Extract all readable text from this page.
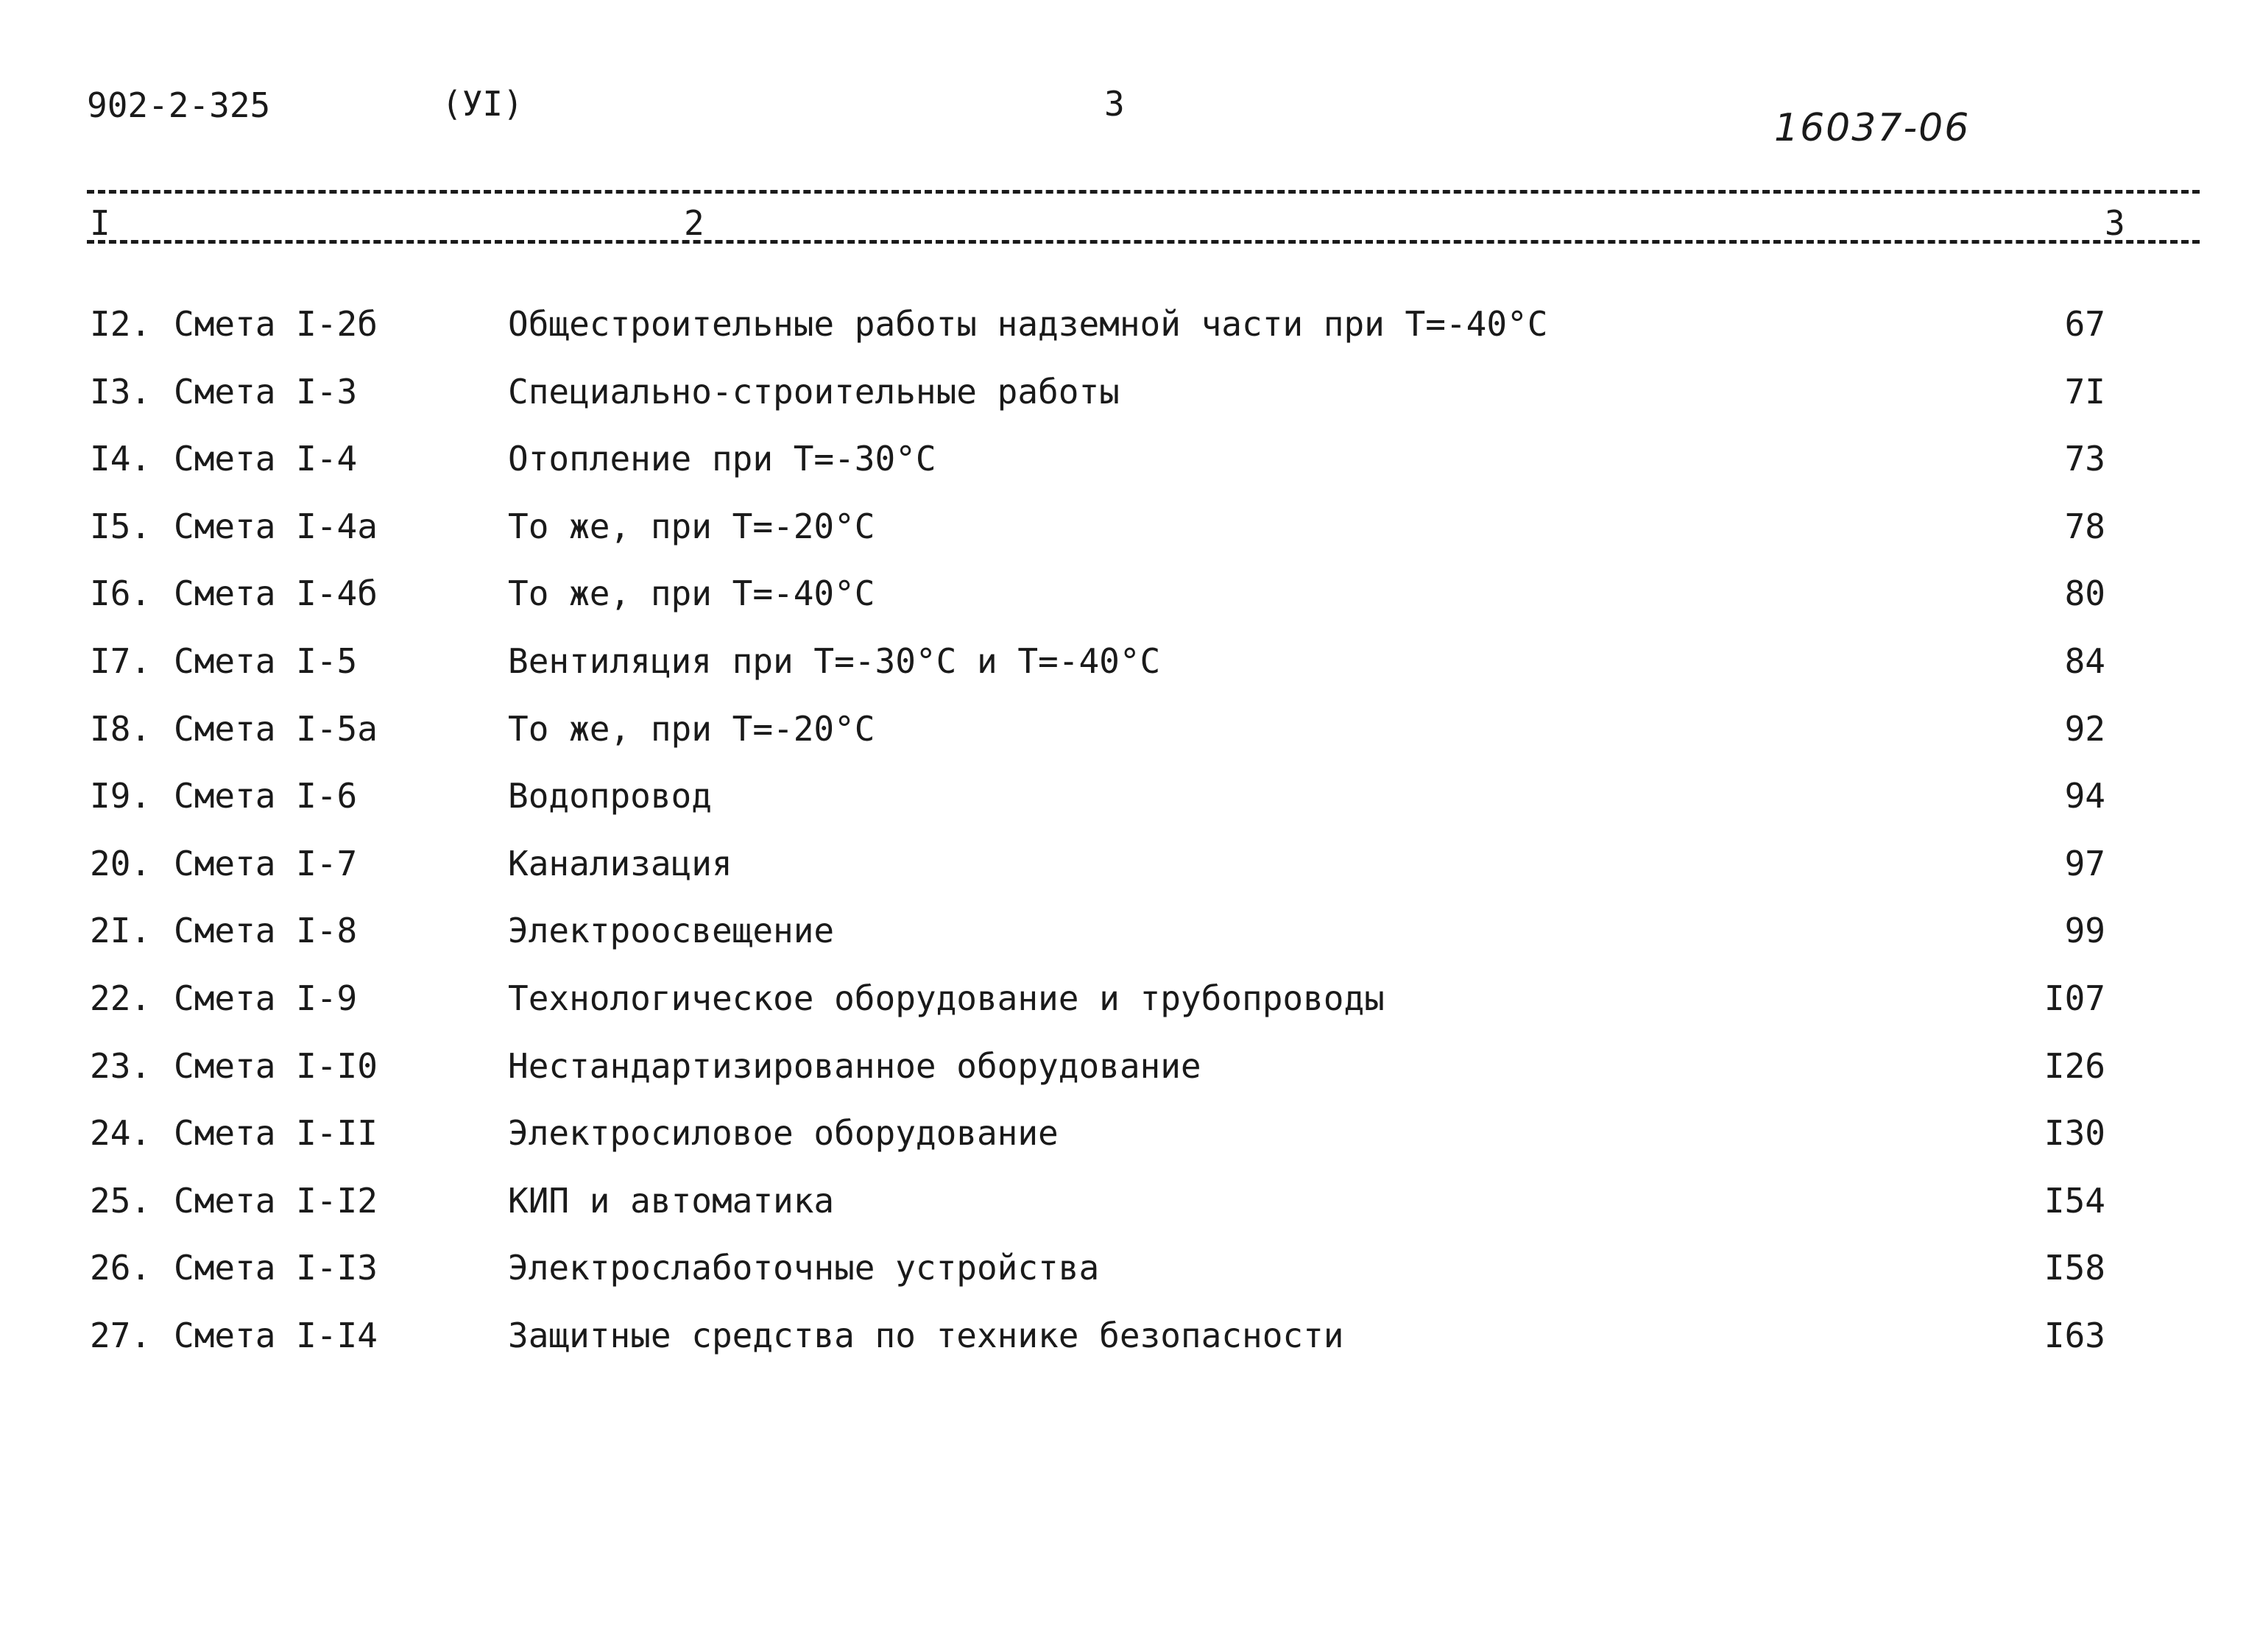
902-2-325	(УI)	3
16037-06
I	2	3
I2. Смета I-2б	Общестроительные работы надземной части при Т=-40°С	67
I3. Смета I-3	Специально-строительные работы	7I
I4. Смета I-4	Отопление при Т=-30°С	73
I5. Смета I-4а	То же, при Т=-20°С	78
I6. Смета I-4б	То же, при Т=-40°С	80
I7. Смета I-5	Вентиляция при Т=-30°С и Т=-40°С	84
I8. Смета I-5а	То же, при Т=-20°С	92
I9. Смета I-6	Водопровод	94
20. Смета I-7	Канализация	97
2I. Смета I-8	Электроосвещение	99
22. Смета I-9	Технологическое оборудование и трубопроводы	I07
23. Смета I-I0	Нестандартизированное оборудование	I26
24. Смета I-II	Электросиловое оборудование	I30
25. Смета I-I2	КИП и автоматика	I54
26. Смета I-I3	Электрослаботочные устройства	I58
27. Смета I-I4	Защитные средства по технике безопасности	I63
